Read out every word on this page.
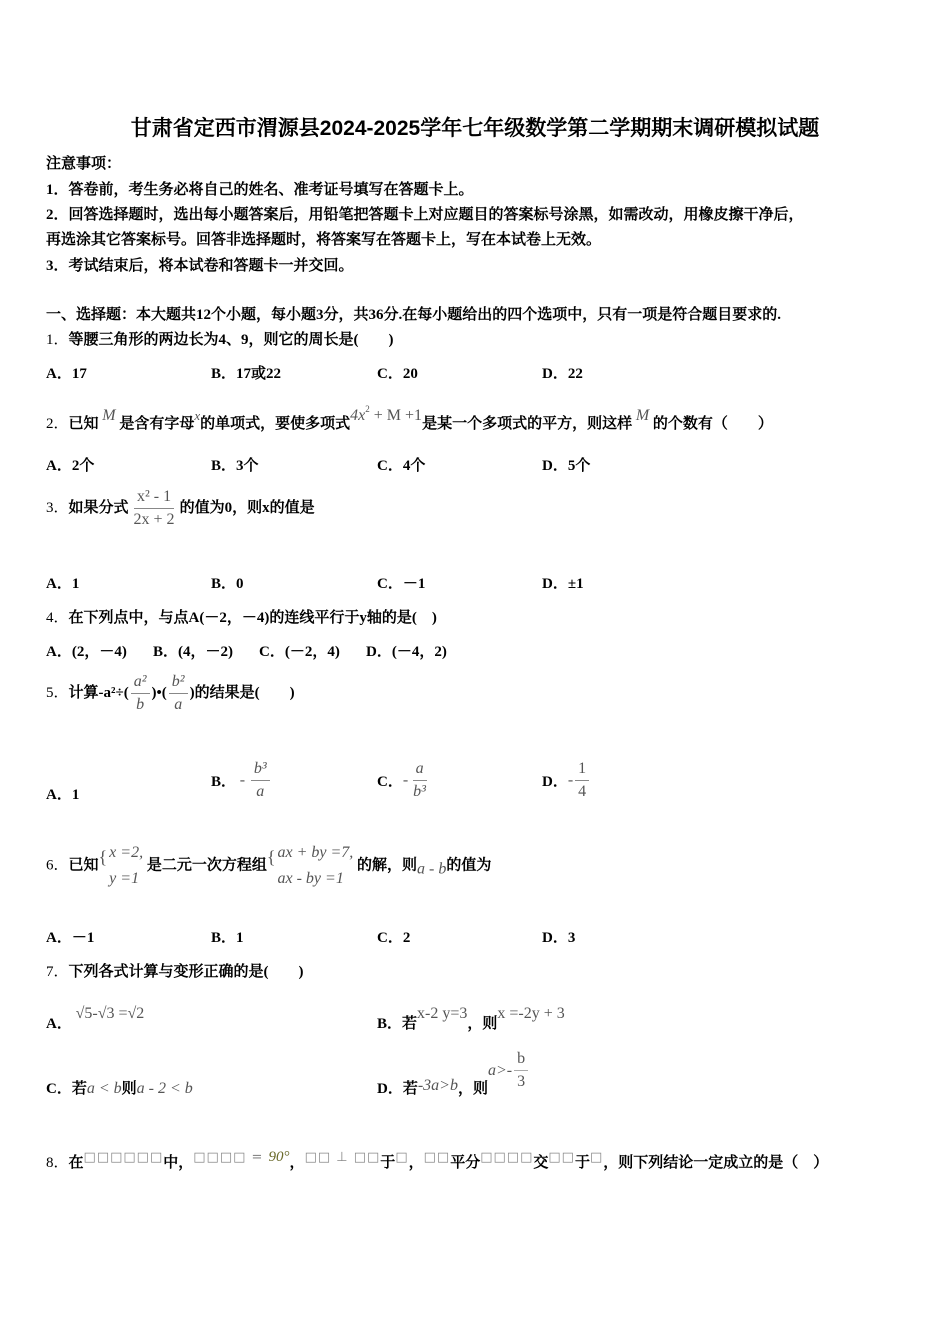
甘肃省定西市渭源县2024-2025学年七年级数学第二学期期末调研模拟试题
注意事项：
1．答卷前，考生务必将自己的姓名、准考证号填写在答题卡上。
2．回答选择题时，选出每小题答案后，用铅笔把答题卡上对应题目的答案标号涂黑，如需改动，用橡皮擦干净后，
再选涂其它答案标号。回答非选择题时，将答案写在答题卡上，写在本试卷上无效。
3．考试结束后，将本试卷和答题卡一并交回。
一、选择题：本大题共12个小题，每小题3分，共36分.在每小题给出的四个选项中，只有一项是符合题目要求的.
1．等腰三角形的两边长为4、9，则它的周长是(　　)
A．17	B．17或22	C．20	D．22
2．已知 M 是含有字母x的单项式，要使多项式$4x^2 + M +1$是某一个多项式的平方，则这样 M 的个数有（　　）
A．2个	B．3个	C．4个	D．5个
3．如果分式 $\frac{\text{x² - 1}}{2x + 2}$ 的值为0，则x的值是
A．1	B．0	C．－1	D．±1
4．在下列点中，与点A(－2，－4)的连线平行于y轴的是(　)
A．(2，－4) B．(4，－2) C．(－2，4) D．(－4，2)
5．计算$-a^2\div( \frac{\text{a²}}{b}$ )•( $\frac{\text{b²}}{a}$ )的结果是(　　)
A．1
B． - $\frac{\text{b³}}{a}$	C．- $\frac{a}{\text{b³}}$	D．- $\frac{1}{4}$
6．已知 { x =2,
y =1
是二元一次方程组 { ax + by =7,
ax - by =1
的解，则a - b的值为
A．－1	B．1	C．2	D．3
7．下列各式计算与变形正确的是(　　)
A． √5-√3 =√2
B．若x-2 y=3，则x =-2y + 3
C．若a < b则a - 2 < b	D．若-3a>b，则$a>- \frac{b}{3}$
8．在□□□□□□中，□□□□ = 90°，□□ ⊥ □□于□，□□平分□□□□交□□于□，则下列结论一定成立的是（　）
